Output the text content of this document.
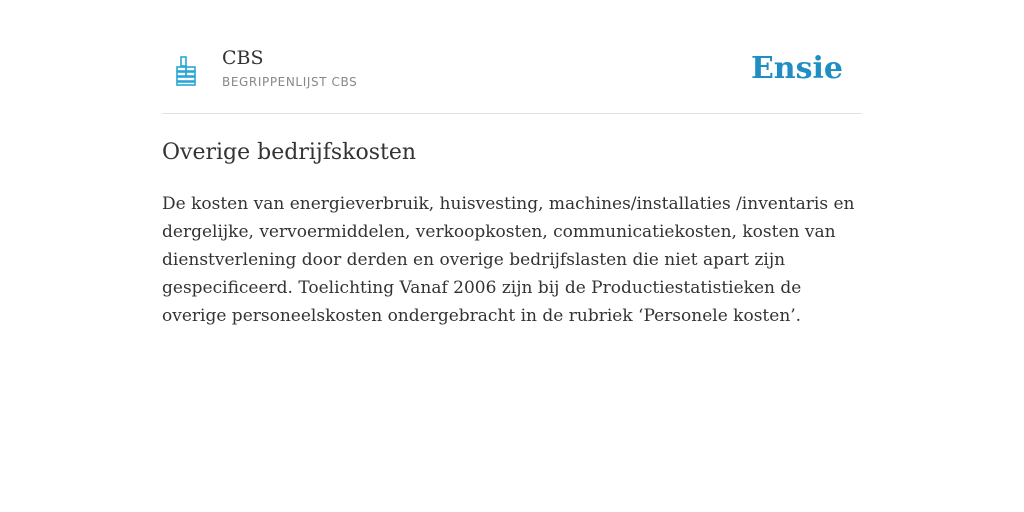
CBS
BEGRIPPENLIJST CBS	Ensie
Overige bedrijfskosten

De kosten van energieverbruik, huisvesting, machines/installaties /inventaris en dergelijke, vervoermiddelen, verkoopkosten, communicatiekosten, kosten van dienstverlening door derden en overige bedrijfslasten die niet apart zijn gespecificeerd. Toelichting Vanaf 2006 zijn bij de Productiestatistieken de overige personeelskosten ondergebracht in de rubriek ‘Personele kosten’.
